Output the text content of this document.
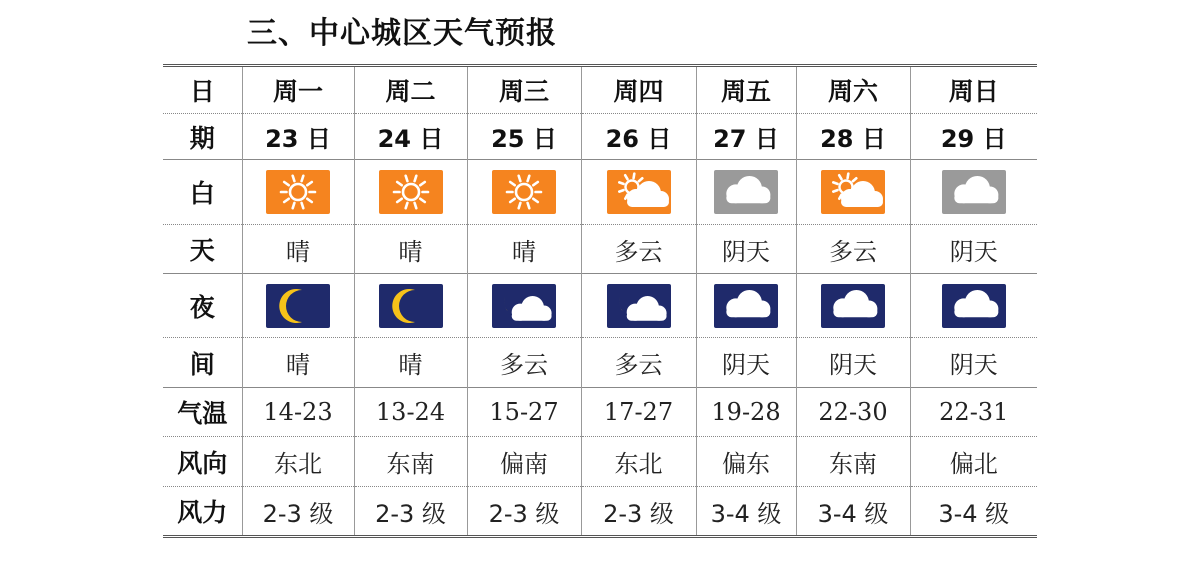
三、中心城区天气预报
日	周一	周二	周三	周四	周五	周六	周日
期	23 日	24 日	25 日	26 日	27 日	28 日	29 日
白	

天	晴	晴	晴	多云	阴天	多云	阴天
夜	

间	晴	晴	多云	多云	阴天	阴天	阴天
气温	14-23	13-24	15-27	17-27	19-28	22-30	22-31
风向	东北	东南	偏南	东北	偏东	东南	偏北
风力	2-3 级	2-3 级	2-3 级	2-3 级	3-4 级	3-4 级	3-4 级
